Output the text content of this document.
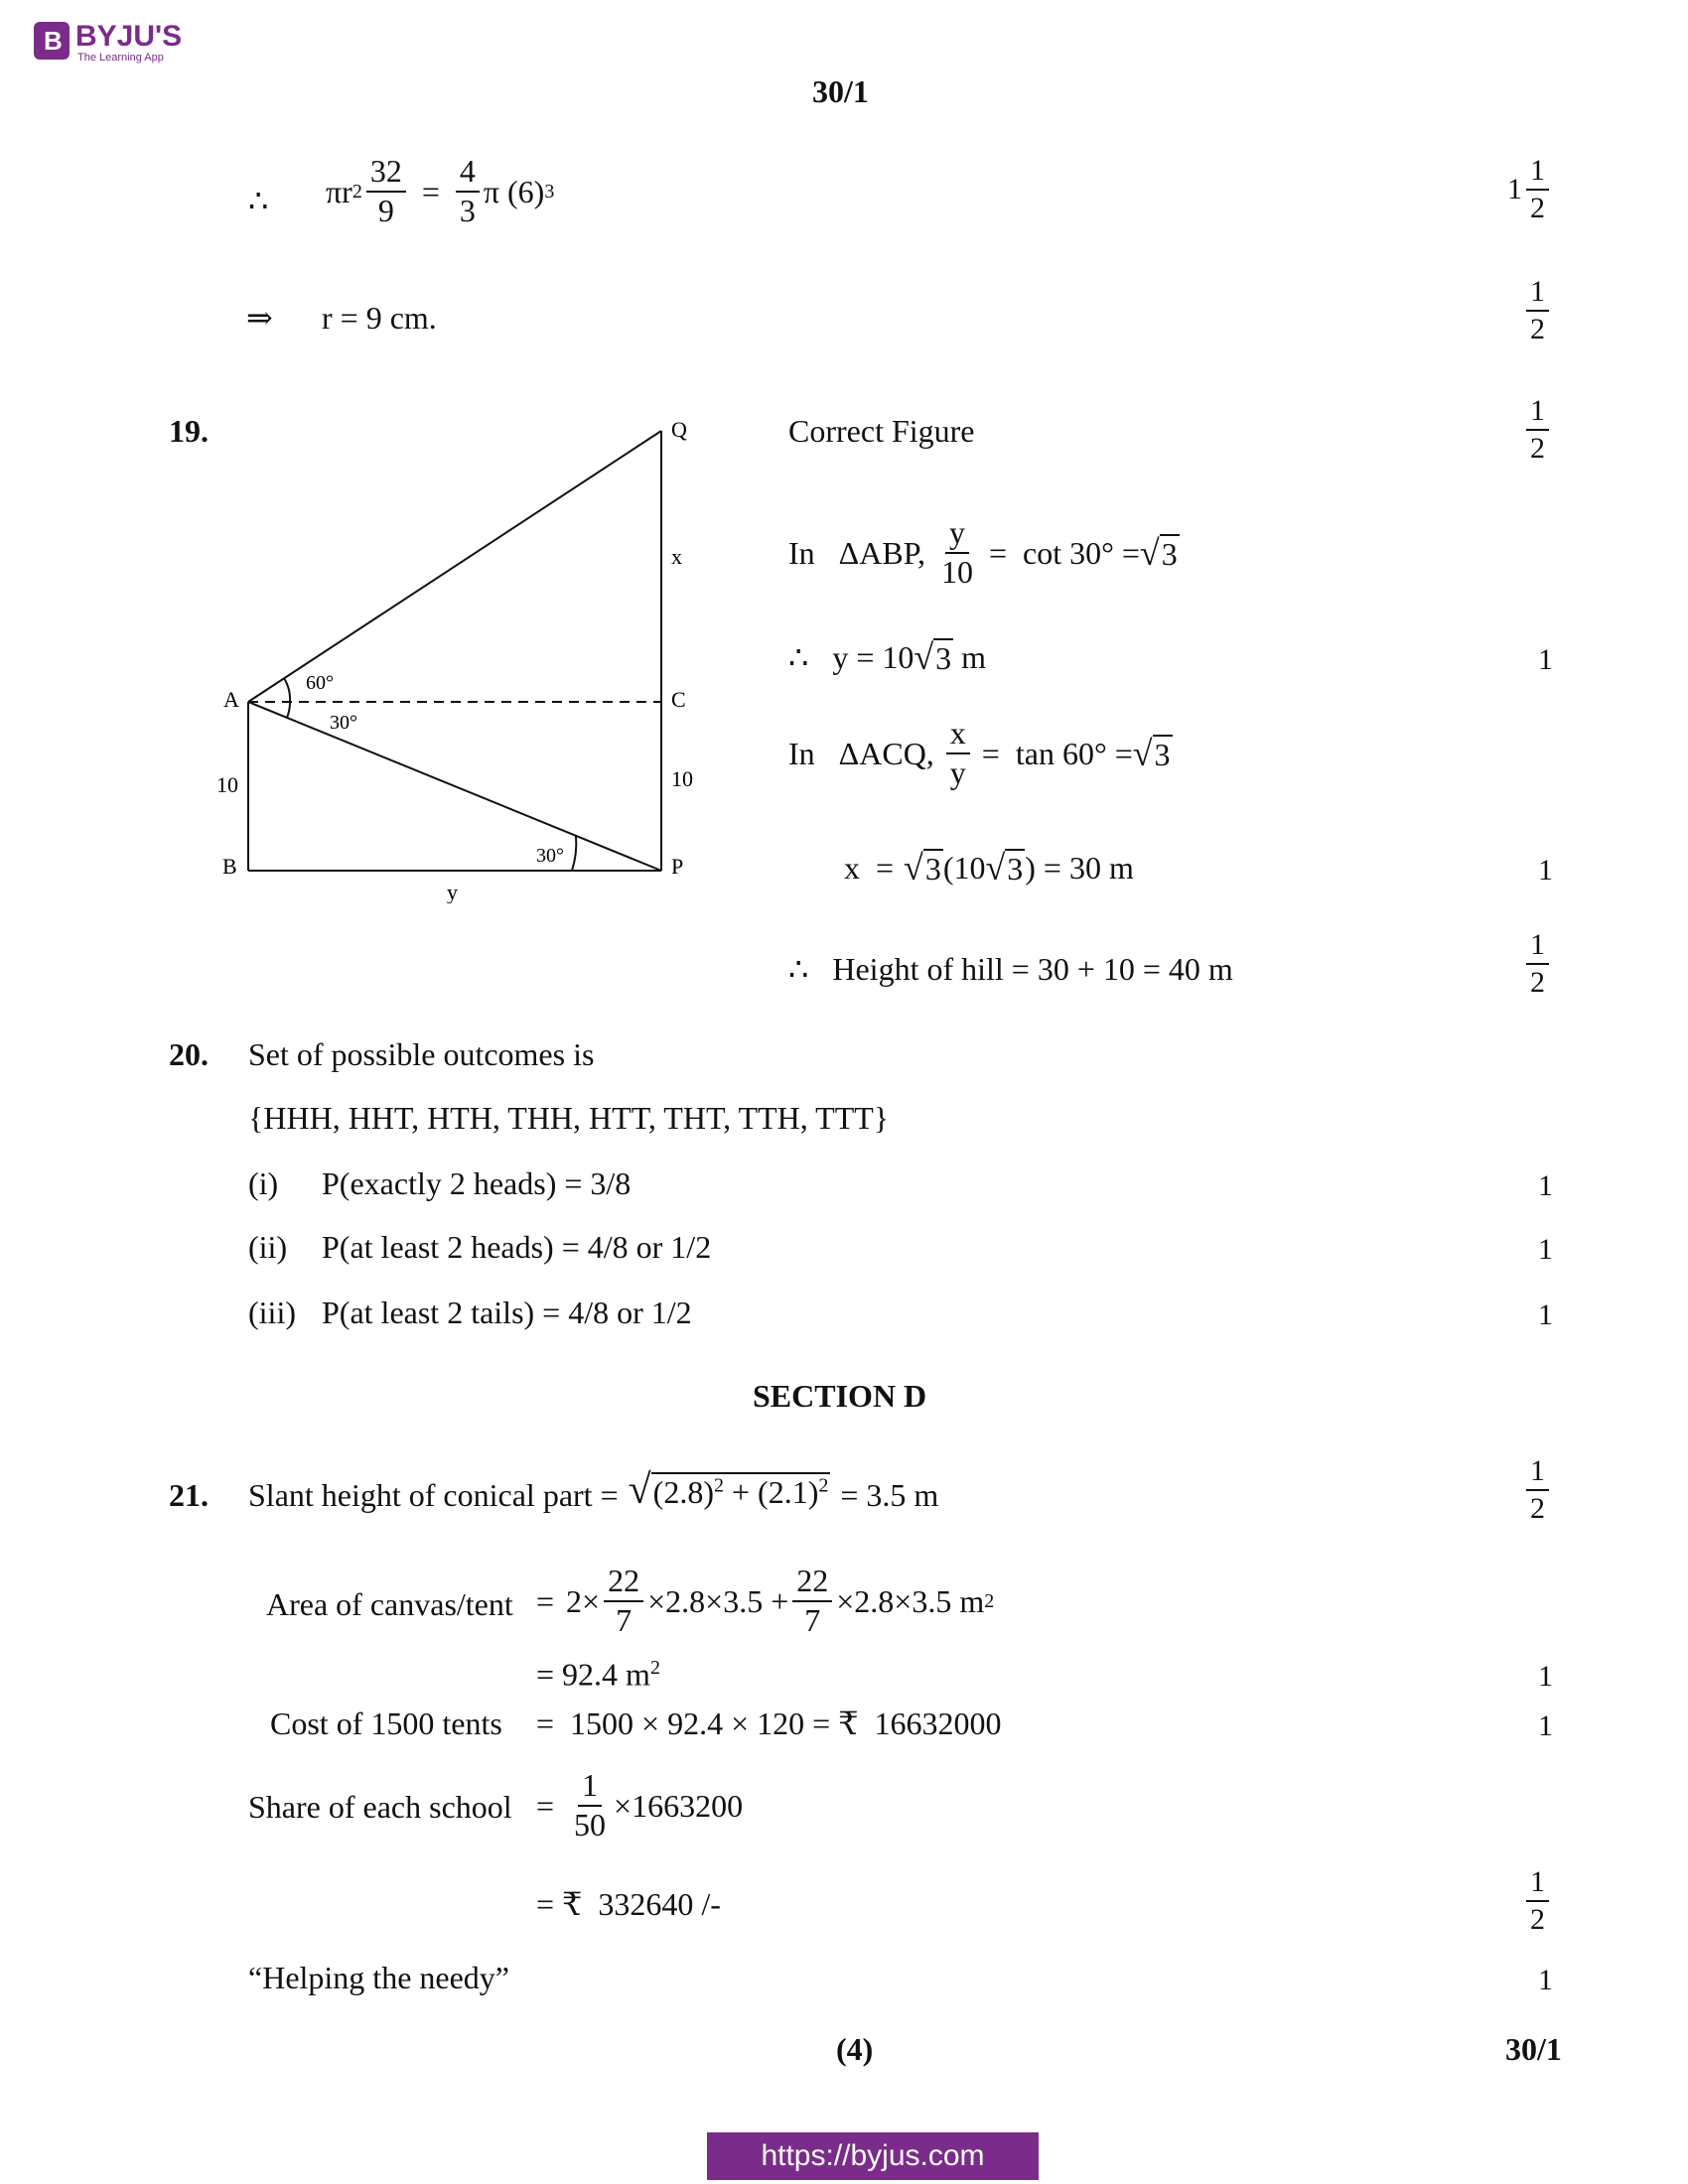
B BYJU'S
The Learning App
30/1
∴ πr $2 \frac{32}{9} = \frac{4}{3}$ π (6) 3	$1 \frac{1}{2}$
⇒ r = 9 cm.	$\frac{1}{2}$
19.	Q
x
A	C
60°
30°
10	10
B	P
30°
y
Correct Figure	$\frac{1}{2}$
In   ΔABP, $\frac{y}{10} = \cot 30^\circ = √3$
∴   y = 10 √3 m	1
In   ΔACQ, $\frac{x}{y} = \tan 60^\circ = √3$
x  = √3 (10 √3 ) = 30 m	1
∴   Height of hill = 30 + 10 = 40 m	$\frac{1}{2}$
20. Set of possible outcomes is
{HHH, HHT, HTH, THH, HTT, THT, TTH, TTT}
(i) P(exactly 2 heads) = 3/8	1
(ii) P(at least 2 heads) = 4/8 or 1/2	1
(iii) P(at least 2 tails) = 4/8 or 1/2	1
SECTION D
21. Slant height of conical part = $√(2.8)^2 + (2.1)^2 = 3.5$ m	$\frac{1}{2}$
Area of canvas/tent = $2\times \frac{22}{7} \times 2.8\times 3.5 + \frac{22}{7} \times 2.8\times 3.5$ m 2
= 92.4 $m^2$	1
Cost of 1500 tents =  1500 × 92.4 × 120 = ₹  16632000	1
Share of each school = $\frac{1}{50} \times 1663200$
= ₹  332640 /-	$\frac{1}{2}$
“Helping the needy”	1
(4)	30/1
https://byjus.com
